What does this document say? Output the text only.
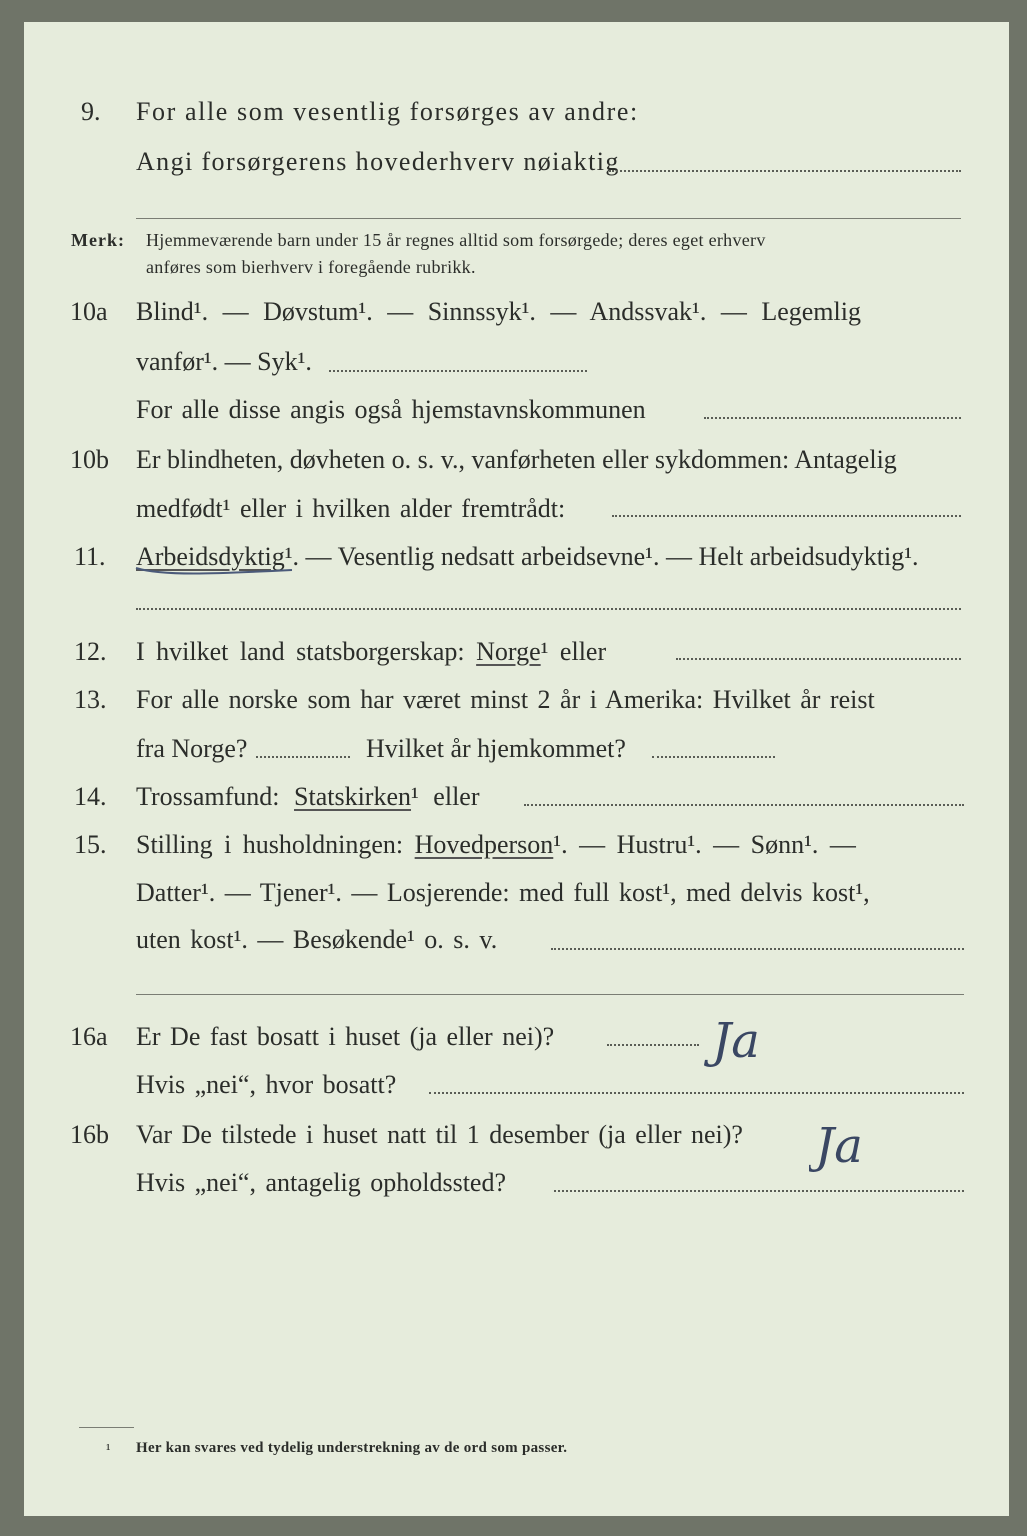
9. For alle som vesentlig forsørges av andre:
Angi forsørgerens hovederhverv nøiaktig
Merk: Hjemmeværende barn under 15 år regnes alltid som forsørgede; deres eget erhverv
anføres som bierhverv i foregående rubrikk.
10a Blind¹. — Døvstum¹. — Sinnssyk¹. — Andssvak¹. — Legemlig
vanfør¹. — Syk¹.
For alle disse angis også hjemstavnskommunen
10b Er blindheten, døvheten o. s. v., vanførheten eller sykdommen: Antagelig
medfødt¹ eller i hvilken alder fremtrådt:
11. Arbeidsdyktig¹. — Vesentlig nedsatt arbeidsevne¹. — Helt arbeidsudyktig¹.
12. I hvilket land statsborgerskap: Norge¹ eller
13. For alle norske som har været minst 2 år i Amerika: Hvilket år reist
fra Norge?	Hvilket år hjemkommet?
14. Trossamfund: Statskirken¹ eller
15. Stilling i husholdningen: Hovedperson¹. — Hustru¹. — Sønn¹. —
Datter¹. — Tjener¹. — Losjerende: med full kost¹, med delvis kost¹,
uten kost¹. — Besøkende¹ o. s. v.
16a Er De fast bosatt i huset (ja eller nei)?	Ja
Hvis „nei“, hvor bosatt?
16b Var De tilstede i huset natt til 1 desember (ja eller nei)? Ja
Hvis „nei“, antagelig opholdssted?
¹ Her kan svares ved tydelig understrekning av de ord som passer.
